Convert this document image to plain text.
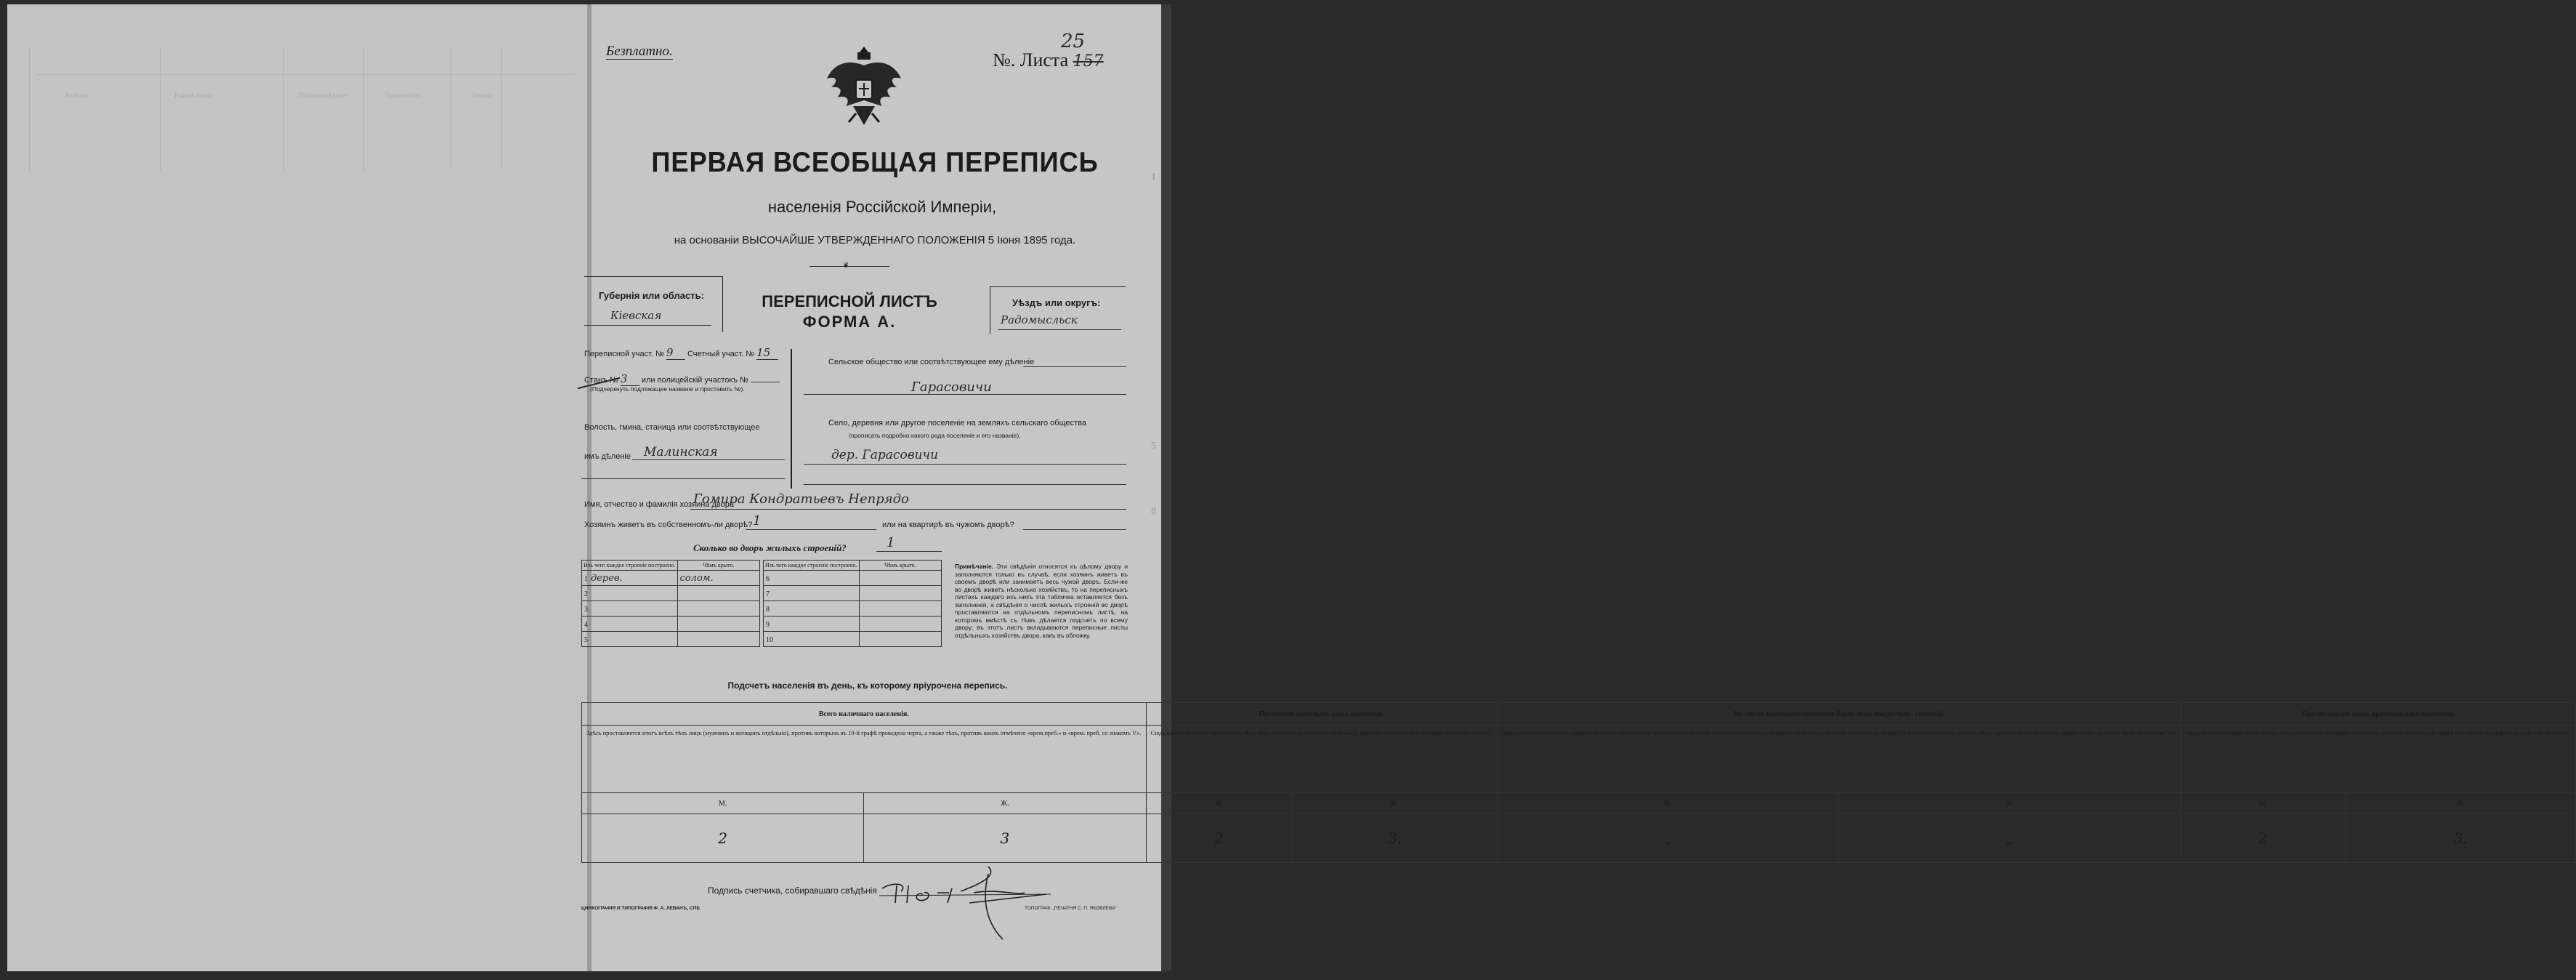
Болѣзни	Родной языкъ	Вѣроисповѣданіе	Грамотность	Занятіе
1
5
8
Безплатно.	№. Листа 157
25
ПЕРВАЯ ВСЕОБЩАЯ ПЕРЕПИСЬ
населенія Россійской Имперіи,
на основаніи ВЫСОЧАЙШЕ УТВЕРЖДЕННАГО ПОЛОЖЕНІЯ 5 Іюня 1895 года.
❦
Губернія или область:
Кіевская
ПЕРЕПИСНОЙ ЛИСТЪ
ФОРМА А.
Уѣздъ или округъ:
Радомысльск
Переписной участ. № 9 Счетный участ. № 15
Станъ № 3 или полицейскій участокъ №
(Подчеркнуть подлежащее названіе и проставить №).
Волость, гмина, станица или соотвѣтствующее
имъ дѣленіе Малинская
Сельское общество или соотвѣтствующее ему дѣленіе
Гарасовичи
Село, деревня или другое поселеніе на земляхъ сельскаго общества
(прописать подробно какого рода поселеніе и его названіе).
дер. Гарасовичи
Имя, отчество и фамилія хозяина двора
Гомира Кондратьевъ Непрядо
Хозяинъ живетъ въ собственномъ-ли дворѣ? 1	или на квартирѣ въ чужомъ дворѣ?
Сколько во дворъ жилыхъ строеній?	1
Изъ чего каждое строеніе построено.	Чѣмъ крыто.
1 дерев.	солом.
2	
3	
4	
5	
Изъ чего каждое строеніе построено.	Чѣмъ крыто.
6	
7	
8	
9	
10	
Примѣчаніе. Эти свѣдѣнія относятся къ цѣлому двору и заполняются только въ случаѣ, если хозяинъ живетъ въ своемъ дворѣ или занимаетъ весь чужой дворъ. Если-же во дворѣ живетъ нѣсколько хозяйствъ, то на переписныхъ листахъ каждаго изъ нихъ эта табличка оставляется безъ заполненія, а свѣдѣнія о числѣ жилыхъ строеній во дворѣ проставляются на отдѣльномъ переписномъ листѣ, на которомъ вмѣстѣ съ тѣмъ дѣлается подсчетъ по всему двору; въ этотъ листъ вкладываются переписные листы отдѣльныхъ хозяйствъ двора, какъ въ обложку.
Подсчетъ населенія въ день, къ которому пріурочена перепись.
Всего наличнаго населенія.		Постоянно живущаго здѣсь населенія.		Въ числѣ наличнаго населенія было лицъ некрестьян. сословій.		Приписаннаго здѣсь крестьянскаго населенія.	
Здѣсь проставляется итогъ всѣхъ тѣхъ лицъ (мужчинъ и женщинъ отдѣльно), противъ которыхъ въ 10-й графѣ проведена черта, а также тѣхъ, противъ коихъ отмѣчено «врем.преб.» и «врем. преб. со знакомъ V».		Сюда вносится общее число всѣхъ тѣхъ лицъ (мужчинъ и женщинъ отдѣльно), противъ которыхъ въ 9-й графѣ отмѣчено «здѣсь».		Здѣсь проставляется (изъ графы 6-й) общее число всѣхъ лицъ некрестьянскихъ сословій (мужчинъ и женщинъ отдѣльно), противъ которыхъ въ графѣ 10-й проведена черта, а также тѣхъ, противъ коихъ отмѣчено «врем. преб.» и «врем. преб. со знакомъ V».		Сюда вносится общее число всѣхъ лицъ (мужчинъ и женщинъ отдѣльно), противъ которыхъ въ графѣ 8-й отмѣчено «здѣсь» и «здѣсь въ волости».	
М.	Ж.	М.	Ж.	М.	Ж.	М.	Ж.
2	3	2	3.	„	„	2	3.
Подпись счетчика, собиравшаго свѣдѣнія
ЦИНКОГРАФІЯ И ТИПОГРАФІЯ Ф. А. ЛЕВАНЪ, СПБ	ТОПОГРАФ. „ПЕЧАТНЯ С. П. ЯКОВЛЕВА“
